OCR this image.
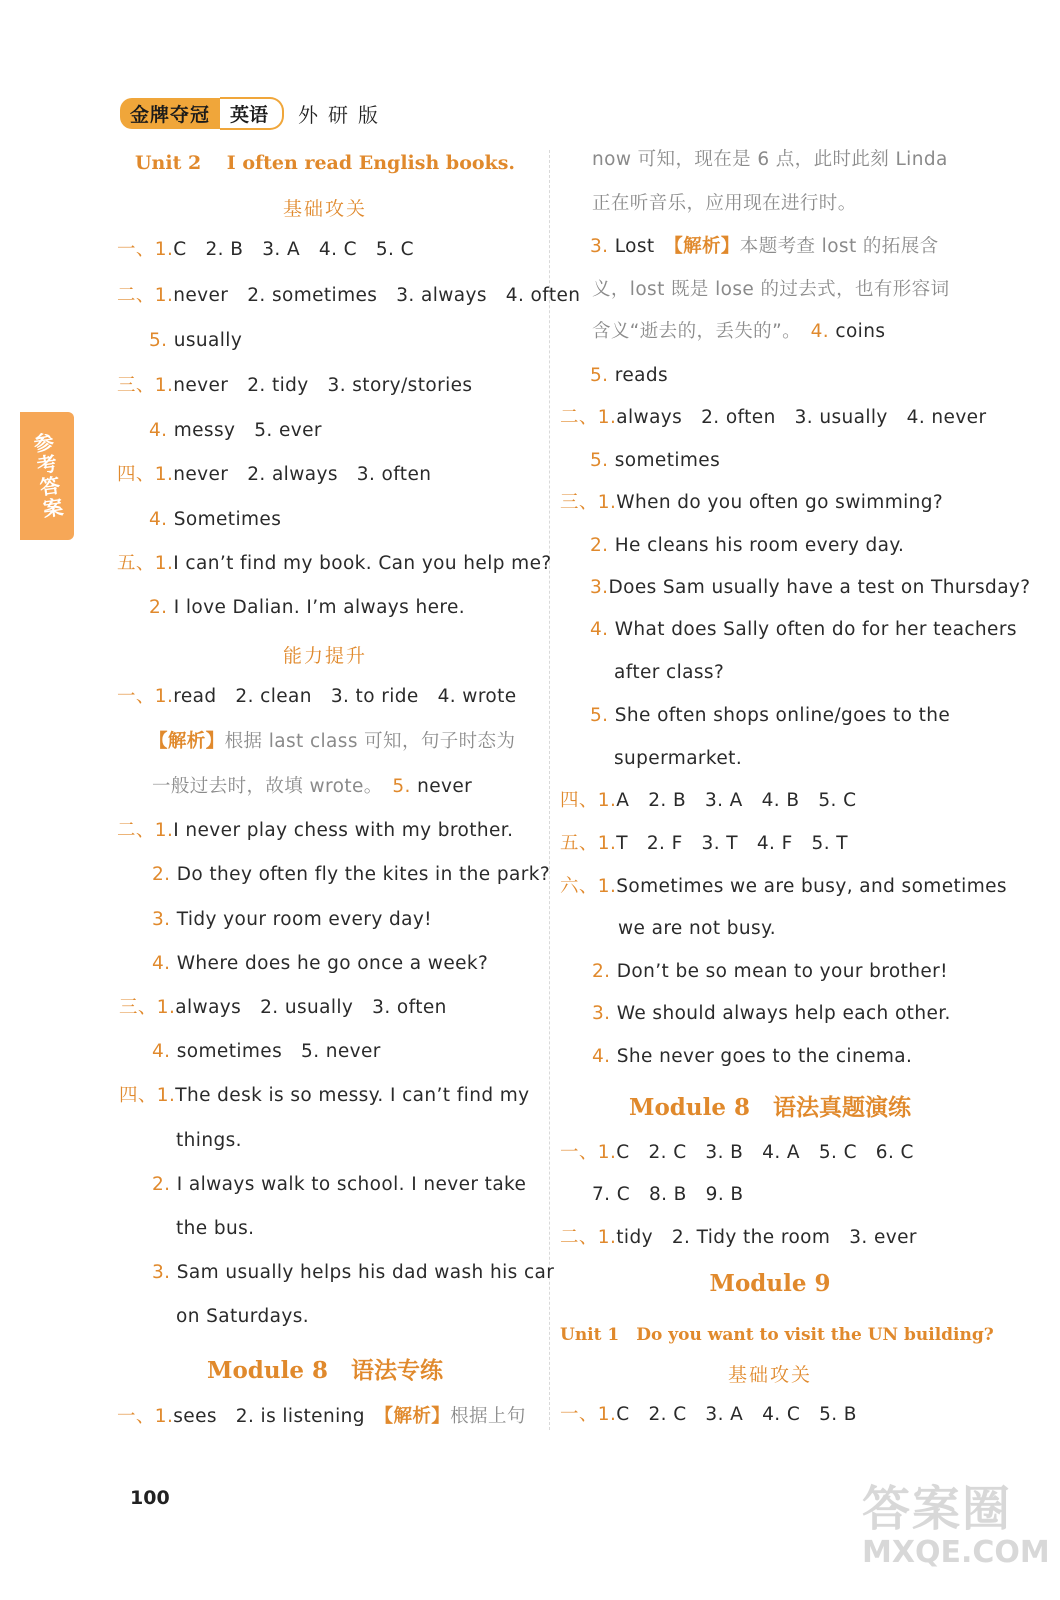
金牌夺冠	英语	外研版
参考答案
Unit 2　 I often read English books.
基础攻关
一、1.C　2. B　3. A　4. C　5. C
二、1.never　2. sometimes　3. always　4. often
5. usually
三、1.never　2. tidy　3. story/stories
4. messy　5. ever
四、1.never　2. always　3. often
4. Sometimes
五、1.I can’t find my book. Can you help me?
2. I love Dalian. I’m always here.
能力提升
一、1.read　2. clean　3. to ride　4. wrote
【解析】根据 last class 可知，句子时态为
一般过去时，故填 wrote。　 5. never
二、1.I never play chess with my brother.
2. Do they often fly the kites in the park?
3. Tidy your room every day!
4. Where does he go once a week?
三、1.always　2. usually　3. often
4. sometimes　5. never
四、1.The desk is so messy. I can’t find my
things.
2. I always walk to school. I never take
the bus.
3. Sam usually helps his dad wash his car
on Saturdays.
Module 8　语法专练
一、1.sees　2. is listening　 【解析】根据上句
now 可知，现在是 6 点，此时此刻 Linda
正在听音乐，应用现在进行时。
3. Lost　 【解析】本题考查 lost 的拓展含
义，lost 既是 lose 的过去式，也有形容词
含义“逝去的，丢失的”。　 4. coins
5. reads
二、1.always　2. often　3. usually　4. never
5. sometimes
三、1.When do you often go swimming?
2. He cleans his room every day.
3.Does Sam usually have a test on Thursday?
4. What does Sally often do for her teachers
after class?
5. She often shops online/goes to the
supermarket.
四、1.A　2. B　3. A　4. B　5. C
五、1.T　2. F　3. T　4. F　5. T
六、1.Sometimes we are busy, and sometimes
we are not busy.
2. Don’t be so mean to your brother!
3. We should always help each other.
4. She never goes to the cinema.
Module 8　语法真题演练
一、1.C　2. C　3. B　4. A　5. C　6. C
7. C　8. B　9. B
二、1.tidy　2. Tidy the room　3. ever
Module 9
Unit 1　Do you want to visit the UN building?
基础攻关
一、1.C　2. C　3. A　4. C　5. B
100	答案圈
MXQE.COM
